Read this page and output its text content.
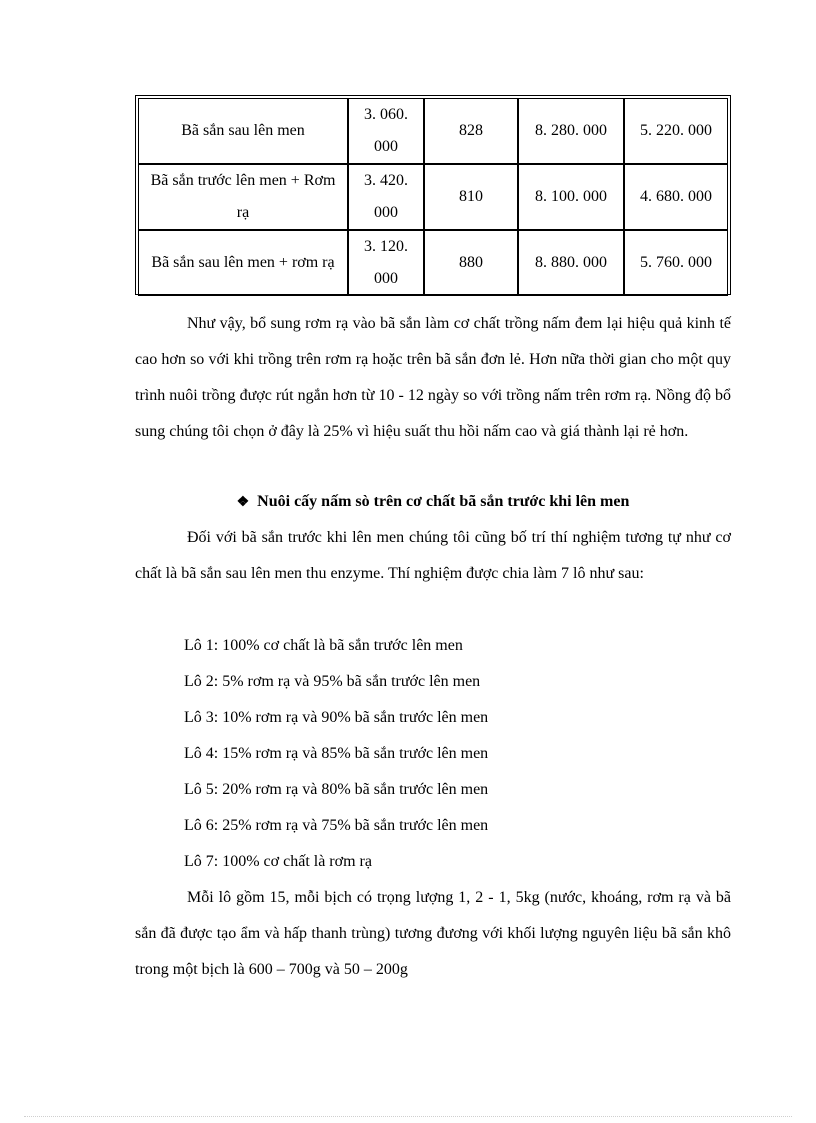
Bã sắn sau lên men	3. 060. 000	828	8. 280. 000	5. 220. 000
Bã sắn trước lên men + Rơm rạ	3. 420. 000	810	8. 100. 000	4. 680. 000
Bã sắn sau lên men + rơm rạ	3. 120. 000	880	8. 880. 000	5. 760. 000

Như vậy, bổ sung rơm rạ vào bã sắn làm cơ chất trồng nấm đem lại hiệu quả kinh tế cao hơn so với khi trồng trên rơm rạ hoặc trên bã sắn đơn lẻ. Hơn nữa thời gian cho một quy trình nuôi trồng được rút ngắn hơn từ 10 - 12 ngày so với trồng nấm trên rơm rạ. Nồng độ bổ sung chúng tôi chọn ở đây là 25% vì hiệu suất thu hồi nấm cao và giá thành lại rẻ hơn.

❖ Nuôi cấy nấm sò trên cơ chất bã sắn trước khi lên men

Đối với bã sắn trước khi lên men chúng tôi cũng bố trí thí nghiệm tương tự như cơ chất là bã sắn sau lên men thu enzyme. Thí nghiệm được chia làm 7 lô như sau:

Lô 1: 100% cơ chất là bã sắn trước lên men
Lô 2: 5% rơm rạ và 95% bã sắn trước lên men
Lô 3: 10% rơm rạ và 90% bã sắn trước lên men
Lô 4: 15% rơm rạ và 85% bã sắn trước lên men
Lô 5: 20% rơm rạ và 80% bã sắn trước lên men
Lô 6: 25% rơm rạ và 75% bã sắn trước lên men
Lô 7: 100% cơ chất là rơm rạ

Mỗi lô gồm 15, mỗi bịch có trọng lượng 1, 2 - 1, 5kg (nước, khoáng, rơm rạ và bã sắn đã được tạo ẩm và hấp thanh trùng) tương đương với khối lượng nguyên liệu bã sắn khô trong một bịch là 600 – 700g và 50 – 200g
